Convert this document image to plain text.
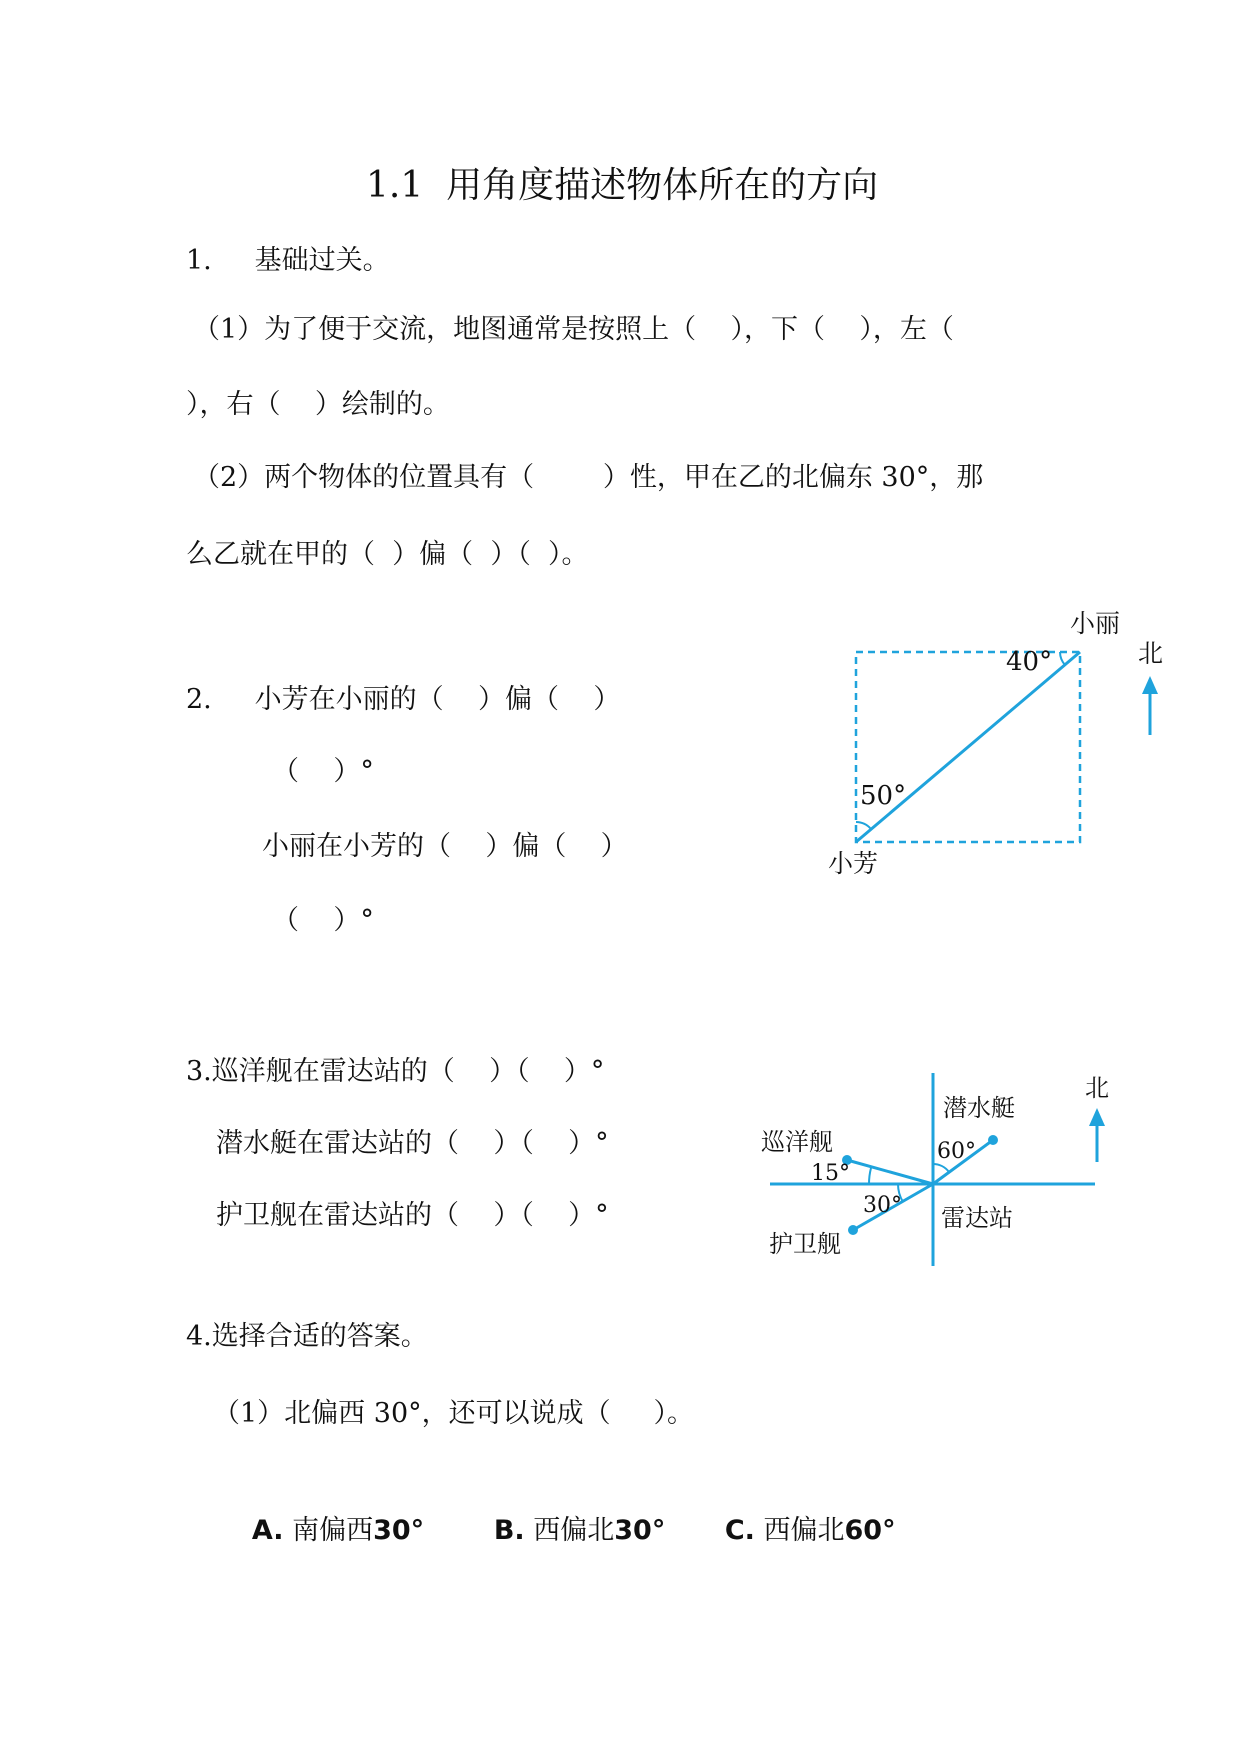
1.1  用角度描述物体所在的方向
1.     基础过关。
（1）为了便于交流，地图通常是按照上（    ），下（    ），左（
），右（    ）绘制的。
（2）两个物体的位置具有（        ）性，甲在乙的北偏东 30°，那
么乙就在甲的（  ）偏（  ）（  ）。
2.     小芳在小丽的（    ）偏（    ）
（    ）°
小丽在小芳的（    ）偏（    ）
（    ）°
40°
50°
小丽
小芳
北
3.巡洋舰在雷达站的（    ）（    ）°
潜水艇在雷达站的（    ）（    ）°
护卫舰在雷达站的（    ）（    ）°
巡洋舰
潜水艇
护卫舰
雷达站
15°
30°
60°
北
4.选择合适的答案。
（1）北偏西 30°，还可以说成（     ）。

A. 南偏西30°	B. 西偏北30°	C. 西偏北60°
